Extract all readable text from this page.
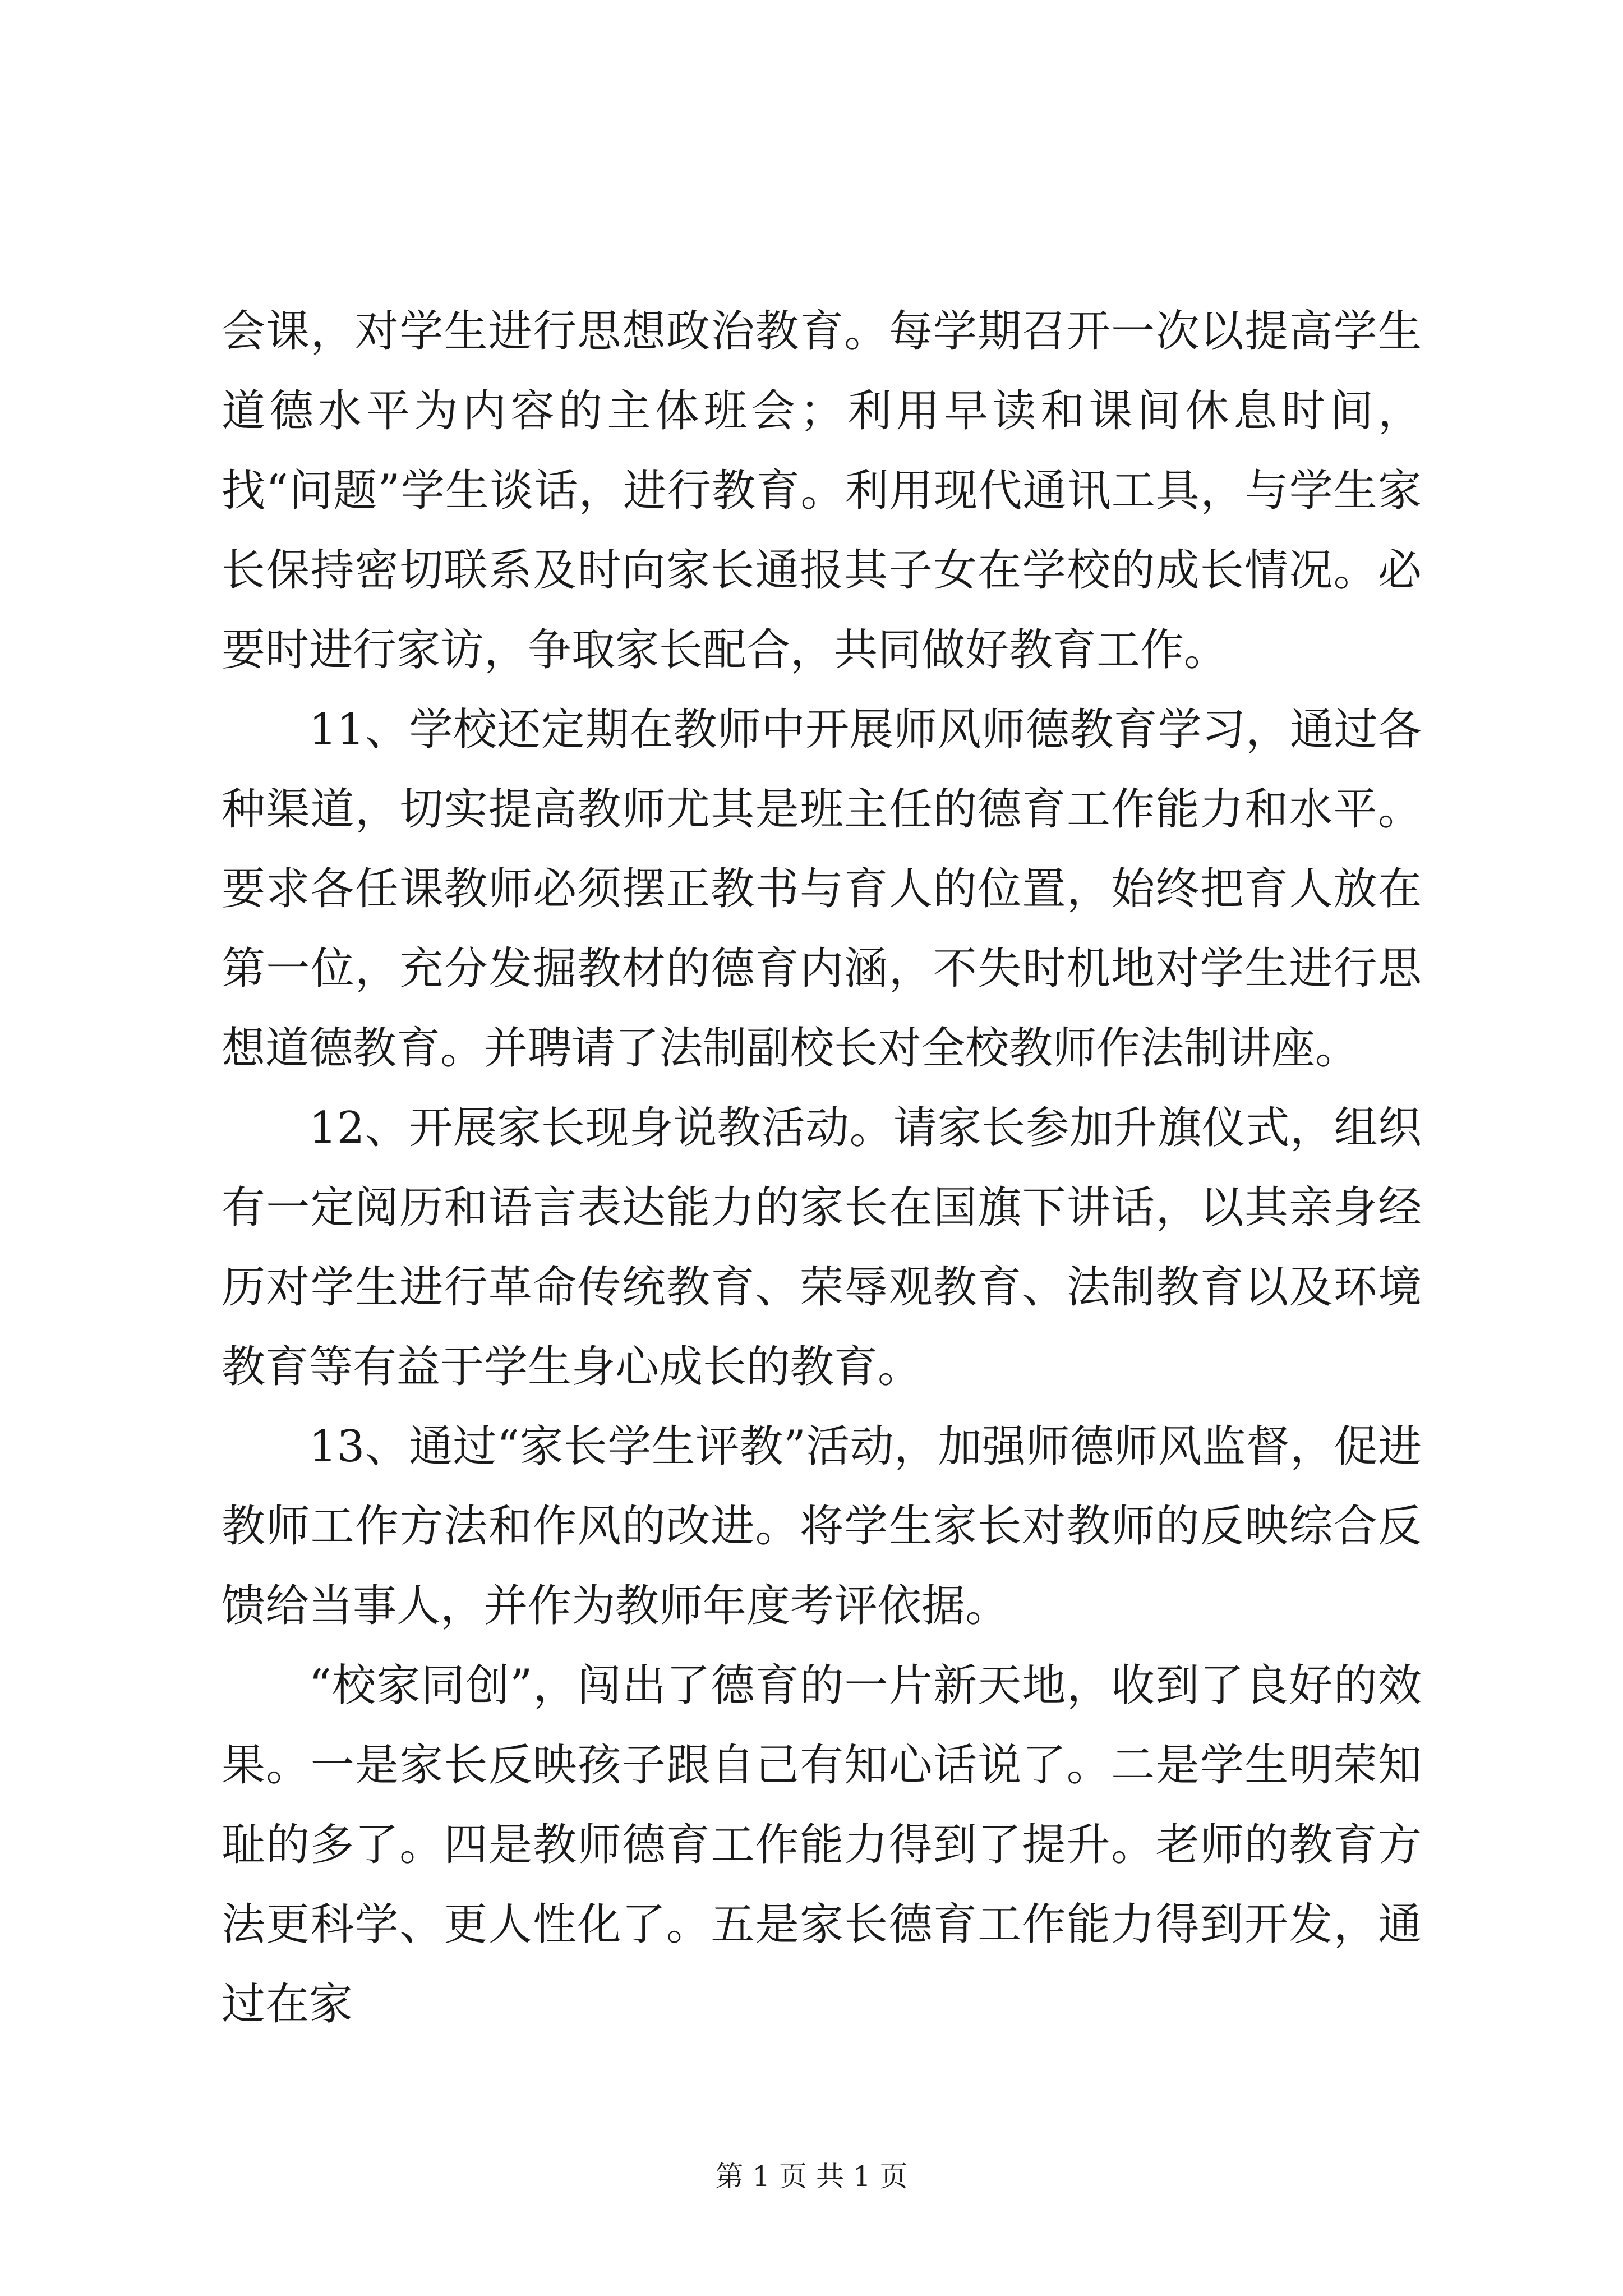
会课，对学生进行思想政治教育。每学期召开一次以提高学生道德水平为内容的主体班会；利用早读和课间休息时间，找“问题”学生谈话，进行教育。利用现代通讯工具，与学生家长保持密切联系及时向家长通报其子女在学校的成长情况。必要时进行家访，争取家长配合，共同做好教育工作。

11、学校还定期在教师中开展师风师德教育学习，通过各种渠道，切实提高教师尤其是班主任的德育工作能力和水平。要求各任课教师必须摆正教书与育人的位置，始终把育人放在第一位，充分发掘教材的德育内涵，不失时机地对学生进行思想道德教育。并聘请了法制副校长对全校教师作法制讲座。

12、开展家长现身说教活动。请家长参加升旗仪式，组织有一定阅历和语言表达能力的家长在国旗下讲话，以其亲身经历对学生进行革命传统教育、荣辱观教育、法制教育以及环境教育等有益于学生身心成长的教育。

13、通过“家长学生评教”活动，加强师德师风监督，促进教师工作方法和作风的改进。将学生家长对教师的反映综合反馈给当事人，并作为教师年度考评依据。

“校家同创”，闯出了德育的一片新天地，收到了良好的效果。一是家长反映孩子跟自己有知心话说了。二是学生明荣知耻的多了。四是教师德育工作能力得到了提升。老师的教育方法更科学、更人性化了。五是家长德育工作能力得到开发，通过在家

第 1 页 共 1 页
